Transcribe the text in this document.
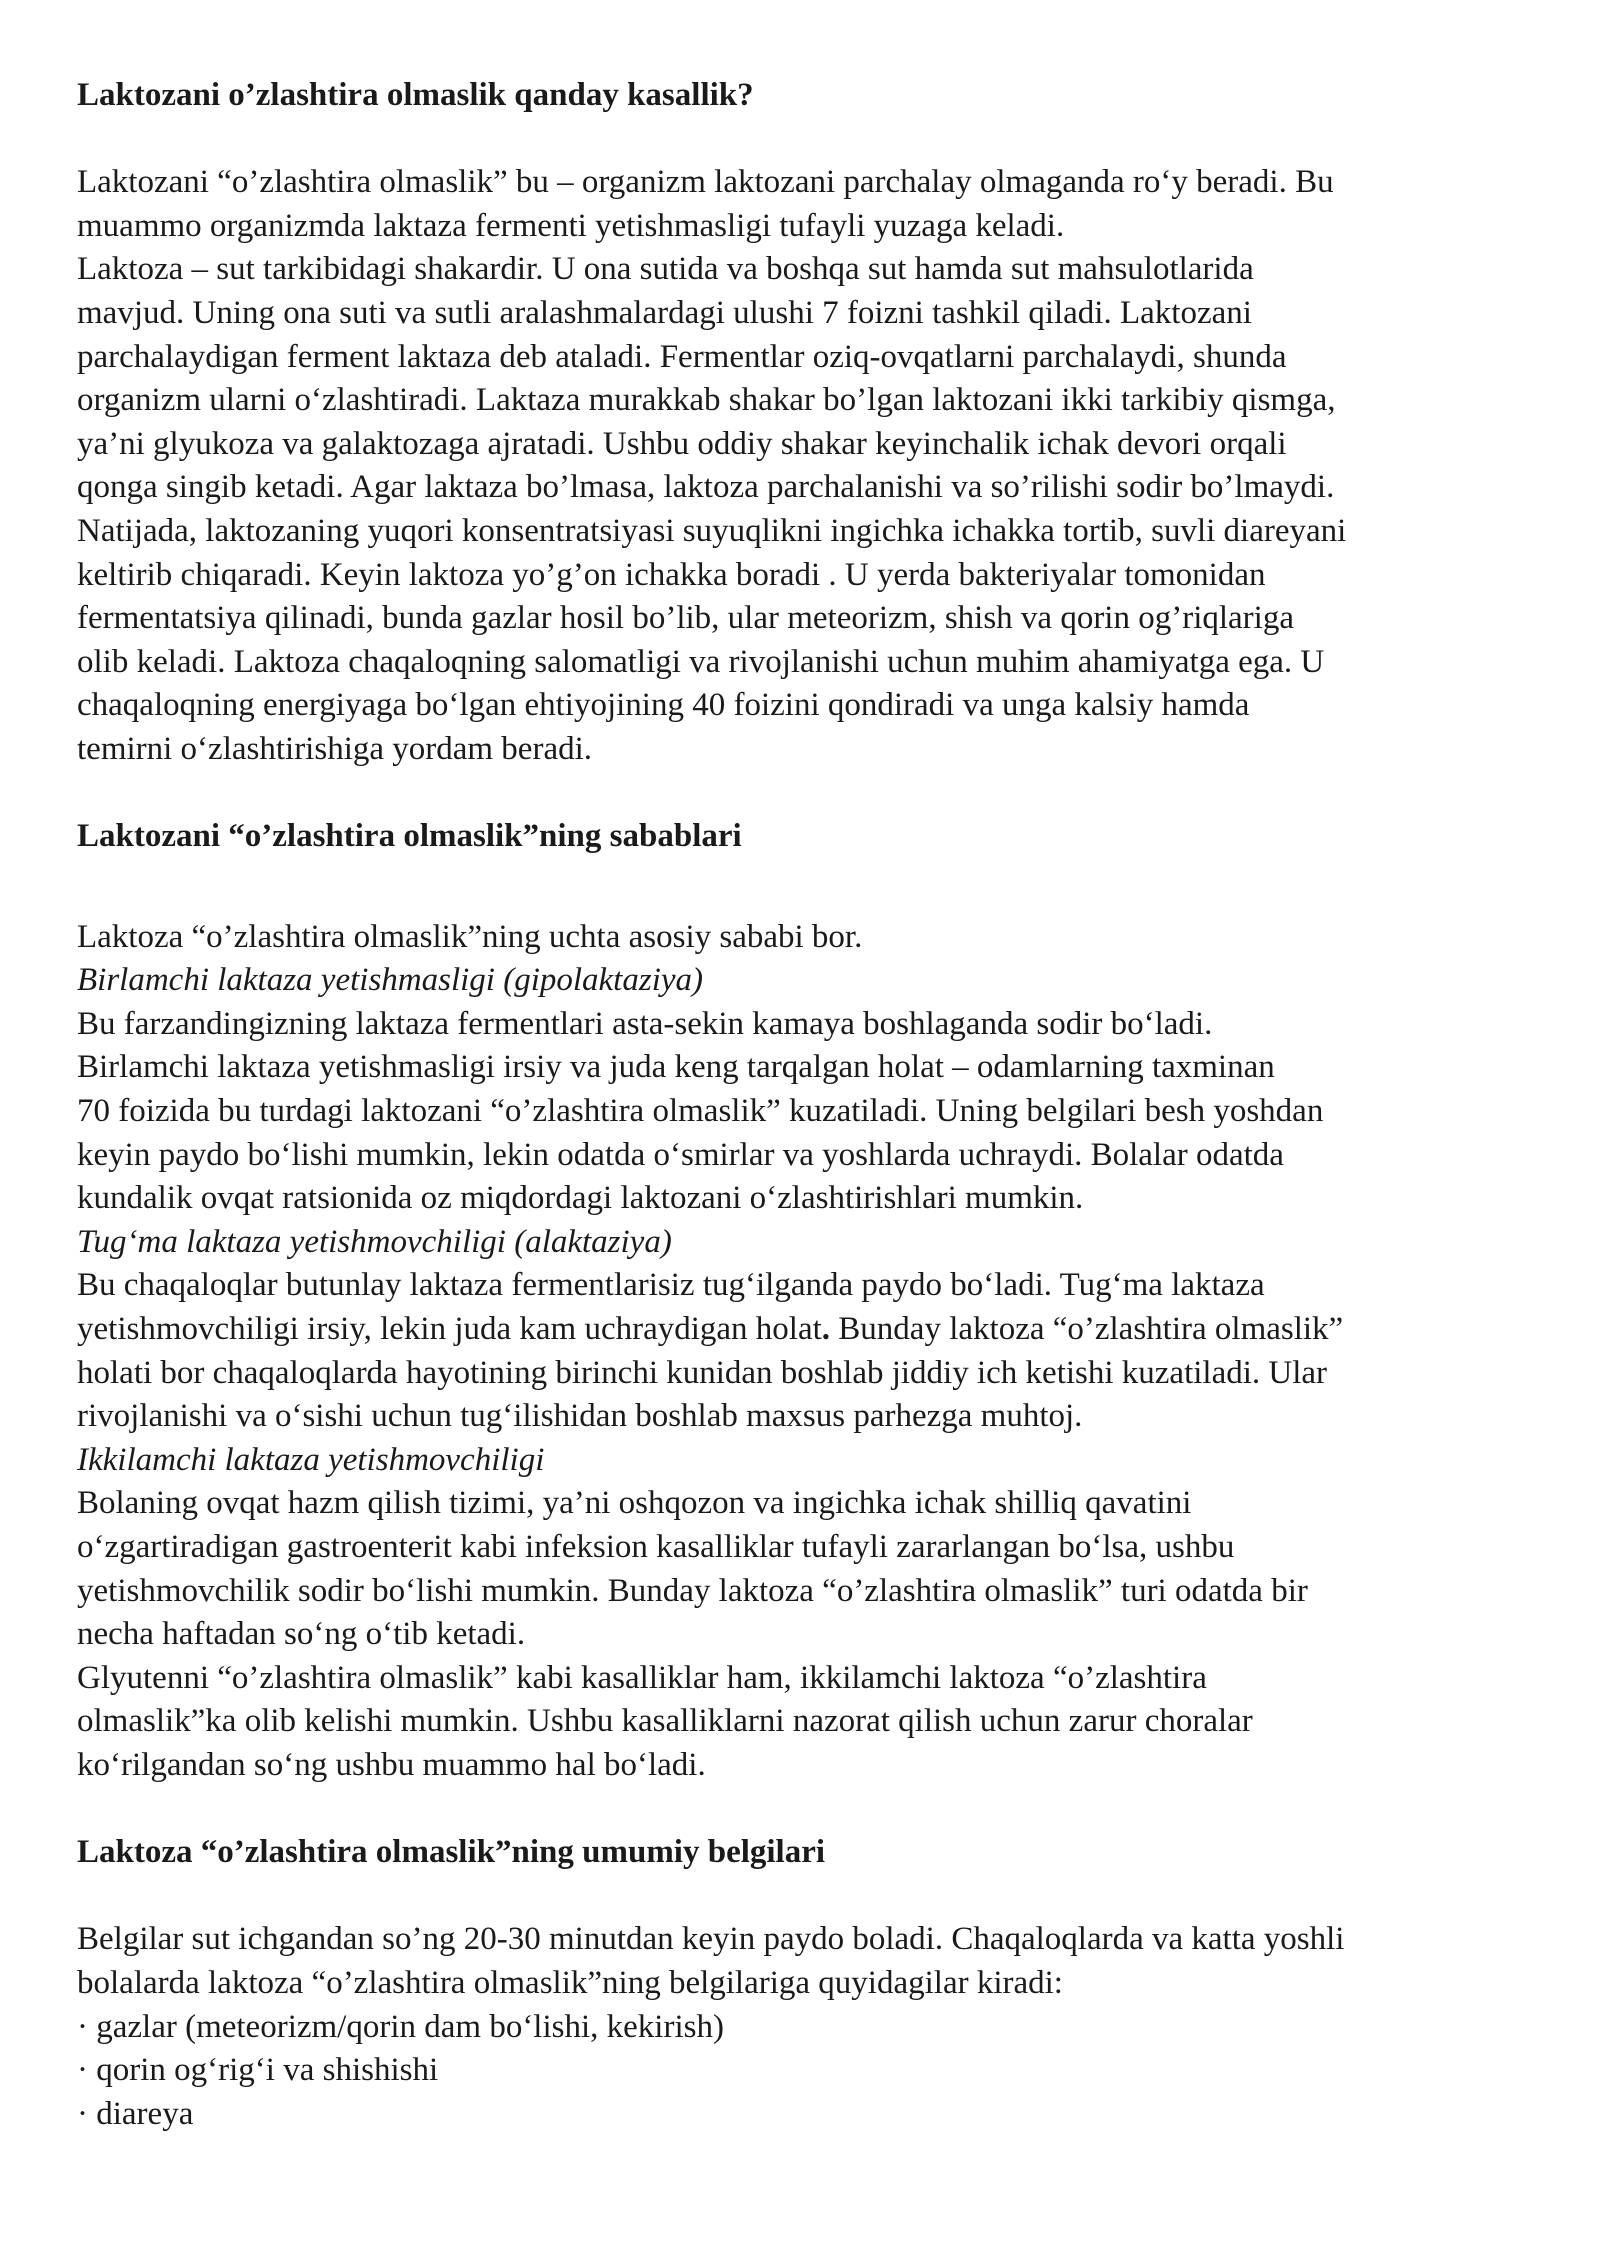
Laktozani o’zlashtira olmaslik qanday kasallik?
Laktozani “o’zlashtira olmaslik” bu – organizm laktozani parchalay olmaganda roʻy beradi. Bu
muammo organizmda laktaza fermenti yetishmasligi tufayli yuzaga keladi.
Laktoza – sut tarkibidagi shakardir. U ona sutida va boshqa sut hamda sut mahsulotlarida
mavjud. Uning ona suti va sutli aralashmalardagi ulushi 7 foizni tashkil qiladi. Laktozani
parchalaydigan ferment laktaza deb ataladi. Fermentlar oziq-ovqatlarni parchalaydi, shunda
organizm ularni oʻzlashtiradi. Laktaza murakkab shakar bo’lgan laktozani ikki tarkibiy qismga,
ya’ni glyukoza va galaktozaga ajratadi. Ushbu oddiy shakar keyinchalik ichak devori orqali
qonga singib ketadi. Agar laktaza bo’lmasa, laktoza parchalanishi va so’rilishi sodir bo’lmaydi.
Natijada, laktozaning yuqori konsentratsiyasi suyuqlikni ingichka ichakka tortib, suvli diareyani
keltirib chiqaradi. Keyin laktoza yo’g’on ichakka boradi . U yerda bakteriyalar tomonidan
fermentatsiya qilinadi, bunda gazlar hosil bo’lib, ular meteorizm, shish va qorin og’riqlariga
olib keladi. Laktoza chaqaloqning salomatligi va rivojlanishi uchun muhim ahamiyatga ega. U
chaqaloqning energiyaga boʻlgan ehtiyojining 40 foizini qondiradi va unga kalsiy hamda
temirni oʻzlashtirishiga yordam beradi.
Laktozani “o’zlashtira olmaslik”ning sabablari
Laktoza “o’zlashtira olmaslik”ning uchta asosiy sababi bor.
Birlamchi laktaza yetishmasligi (gipolaktaziya)
Bu farzandingizning laktaza fermentlari asta-sekin kamaya boshlaganda sodir boʻladi.
Birlamchi laktaza yetishmasligi irsiy va juda keng tarqalgan holat – odamlarning taxminan
70 foizida bu turdagi laktozani “o’zlashtira olmaslik” kuzatiladi. Uning belgilari besh yoshdan
keyin paydo boʻlishi mumkin, lekin odatda oʻsmirlar va yoshlarda uchraydi. Bolalar odatda
kundalik ovqat ratsionida oz miqdordagi laktozani oʻzlashtirishlari mumkin.
Tugʻma laktaza yetishmovchiligi (alaktaziya)
Bu chaqaloqlar butunlay laktaza fermentlarisiz tugʻilganda paydo boʻladi. Tugʻma laktaza
yetishmovchiligi irsiy, lekin juda kam uchraydigan holat. Bunday laktoza “o’zlashtira olmaslik”
holati bor chaqaloqlarda hayotining birinchi kunidan boshlab jiddiy ich ketishi kuzatiladi. Ular
rivojlanishi va oʻsishi uchun tugʻilishidan boshlab maxsus parhezga muhtoj.
Ikkilamchi laktaza yetishmovchiligi
Bolaning ovqat hazm qilish tizimi, ya’ni oshqozon va ingichka ichak shilliq qavatini
oʻzgartiradigan gastroenterit kabi infeksion kasalliklar tufayli zararlangan boʻlsa, ushbu
yetishmovchilik sodir boʻlishi mumkin. Bunday laktoza “o’zlashtira olmaslik” turi odatda bir
necha haftadan soʻng oʻtib ketadi.
Glyutenni “o’zlashtira olmaslik” kabi kasalliklar ham, ikkilamchi laktoza “o’zlashtira
olmaslik”ka olib kelishi mumkin. Ushbu kasalliklarni nazorat qilish uchun zarur choralar
koʻrilgandan soʻng ushbu muammo hal boʻladi.
Laktoza “o’zlashtira olmaslik”ning umumiy belgilari
Belgilar sut ichgandan so’ng 20-30 minutdan keyin paydo boladi. Chaqaloqlarda va katta yoshli
bolalarda laktoza “o’zlashtira olmaslik”ning belgilariga quyidagilar kiradi:
· gazlar (meteorizm/qorin dam boʻlishi, kekirish)
· qorin ogʻrigʻi va shishishi
· diareya
